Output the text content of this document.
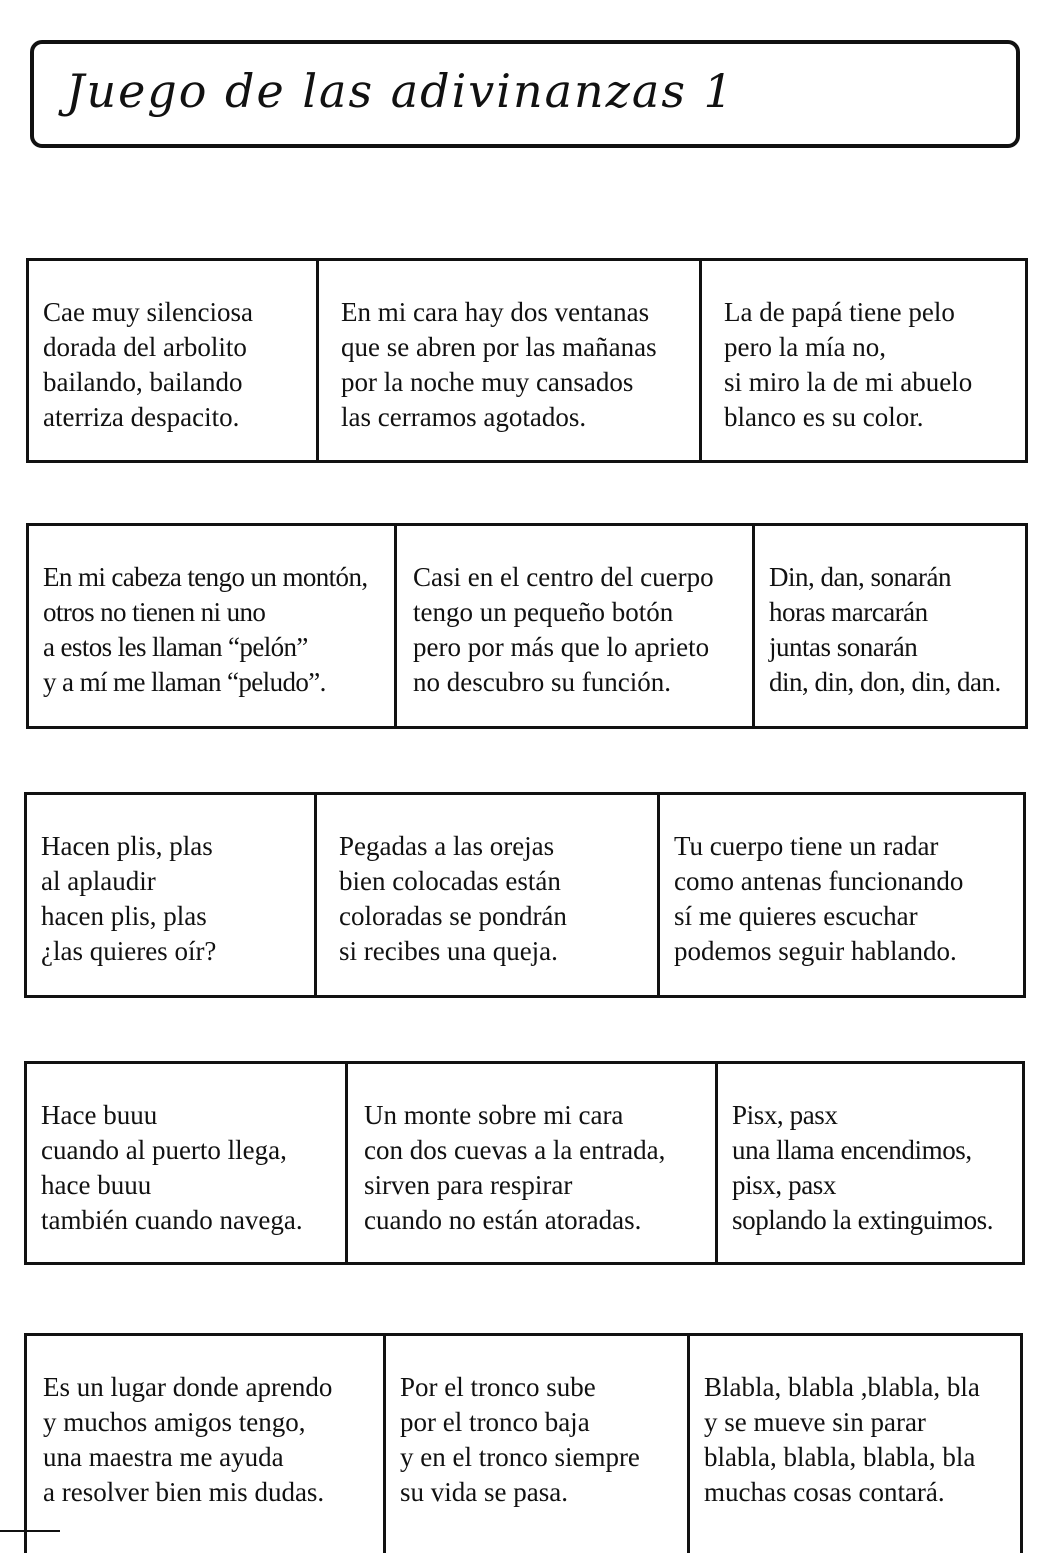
Juego de las adivinanzas 1
Cae muy silenciosa
dorada del arbolito
bailando, bailando
aterriza despacito.
En mi cara hay dos ventanas
que se abren por las mañanas
por la noche muy cansados
las cerramos agotados.
La de papá tiene pelo
pero la mía no,
si miro la de mi abuelo
blanco es su color.
En mi cabeza tengo un montón,
otros no tienen ni uno
a estos les llaman “pelón”
y a mí me llaman “peludo”.
Casi en el centro del cuerpo
tengo un pequeño botón
pero por más que lo aprieto
no descubro su función.
Din, dan, sonarán
horas marcarán
juntas sonarán
din, din, don, din, dan.
Hacen plis, plas
al aplaudir
hacen plis, plas
¿las quieres oír?
Pegadas a las orejas
bien colocadas están
coloradas se pondrán
si recibes una queja.
Tu cuerpo tiene un radar
como antenas funcionando
sí me quieres escuchar
podemos seguir hablando.
Hace buuu
cuando al puerto llega,
hace buuu
también cuando navega.
Un monte sobre mi cara
con dos cuevas a la entrada,
sirven para respirar
cuando no están atoradas.
Pisx, pasx
una llama encendimos,
pisx, pasx
soplando la extinguimos.
Es un lugar donde aprendo
y muchos amigos tengo,
una maestra me ayuda
a resolver bien mis dudas.
Por el tronco sube
por el tronco baja
y en el tronco siempre
su vida se pasa.
Blabla, blabla ,blabla, bla
y se mueve sin parar
blabla, blabla, blabla, bla
muchas cosas contará.
